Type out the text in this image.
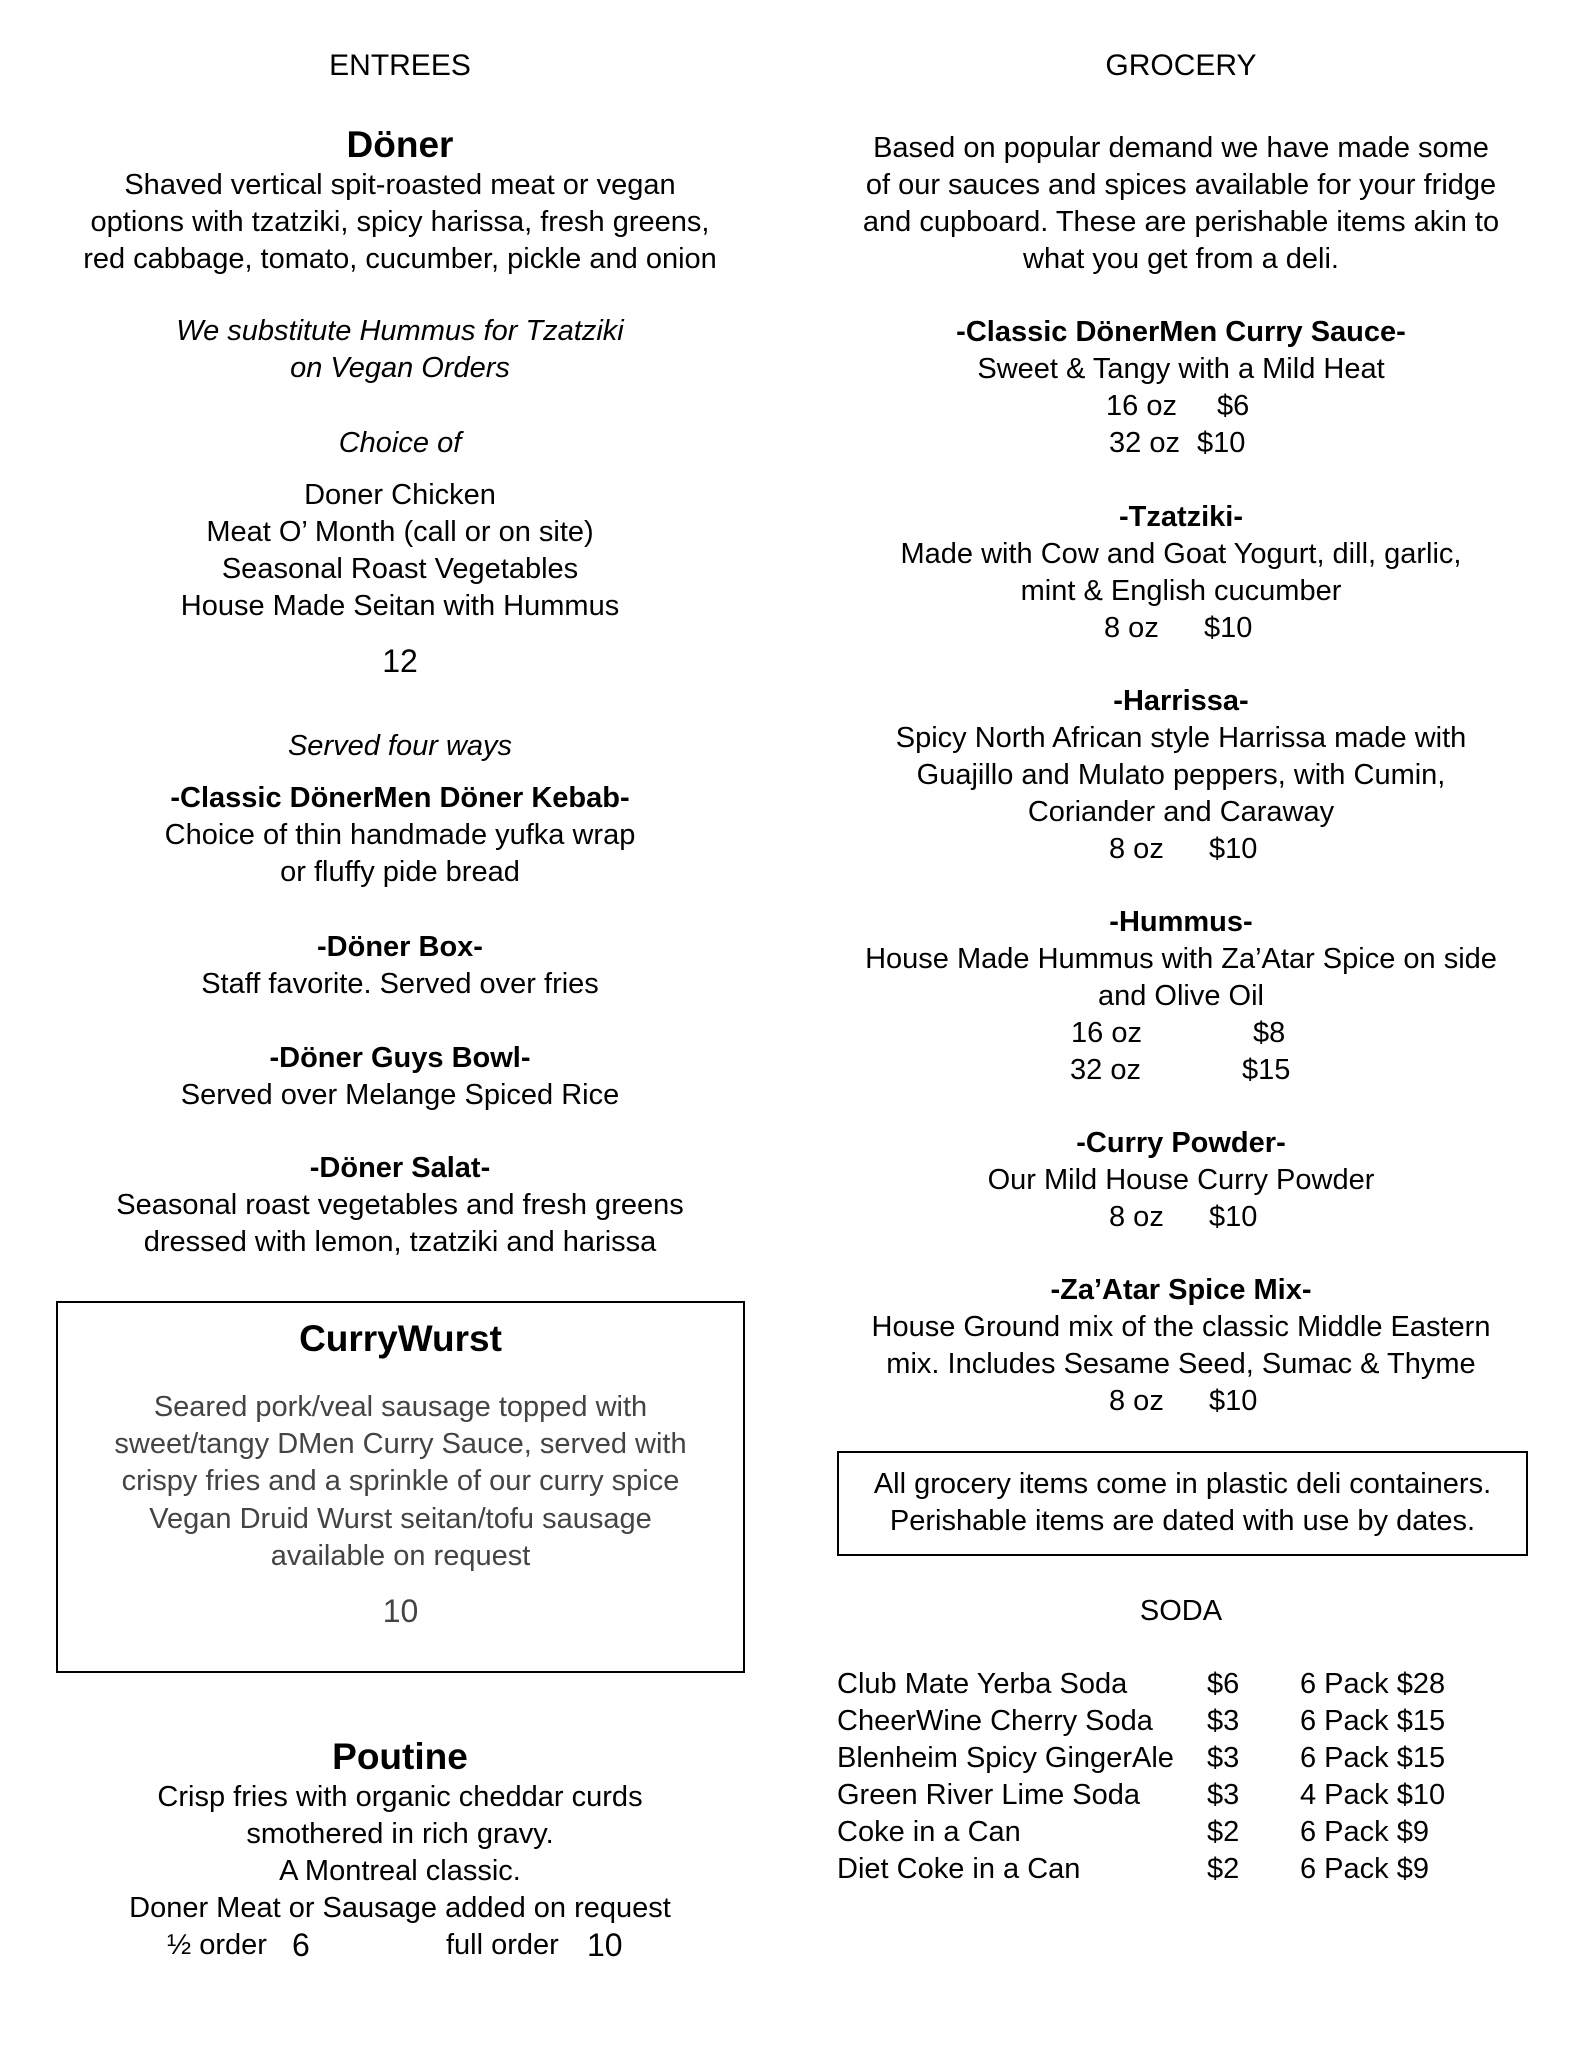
ENTREES
Döner
Shaved vertical spit-roasted meat or vegan
options with tzatziki, spicy harissa, fresh greens,
red cabbage, tomato, cucumber, pickle and onion
We substitute Hummus for Tzatziki
on Vegan Orders
Choice of
Doner Chicken
Meat O’ Month (call or on site)
Seasonal Roast Vegetables
House Made Seitan with Hummus
12
Served four ways
-Classic DönerMen Döner Kebab-
Choice of thin handmade yufka wrap
or fluffy pide bread
-Döner Box-
Staff favorite. Served over fries
-Döner Guys Bowl-
Served over Melange Spiced Rice
-Döner Salat-
Seasonal roast vegetables and fresh greens
dressed with lemon, tzatziki and harissa
Poutine
Crisp fries with organic cheddar curds
smothered in rich gravy.
A Montreal classic.
Doner Meat or Sausage added on request
½ order 6	full order 10
CurryWurst
Seared pork/veal sausage topped with
sweet/tangy DMen Curry Sauce, served with
crispy fries and a sprinkle of our curry spice
Vegan Druid Wurst seitan/tofu sausage
available on request
10
GROCERY
Based on popular demand we have made some
of our sauces and spices available for your fridge
and cupboard. These are perishable items akin to
what you get from a deli.
-Classic DönerMen Curry Sauce-
Sweet & Tangy with a Mild Heat
16 oz $6
32 oz $10
-Tzatziki-
Made with Cow and Goat Yogurt, dill, garlic,
mint & English cucumber
8 oz $10
-Harrissa-
Spicy North African style Harrissa made with
Guajillo and Mulato peppers, with Cumin,
Coriander and Caraway
8 oz $10
-Hummus-
House Made Hummus with Za’Atar Spice on side
and Olive Oil
16 oz	$8
32 oz	$15
-Curry Powder-
Our Mild House Curry Powder
8 oz $10
-Za’Atar Spice Mix-
House Ground mix of the classic Middle Eastern
mix. Includes Sesame Seed, Sumac & Thyme
8 oz $10
SODA
All grocery items come in plastic deli containers.
Perishable items are dated with use by dates.
Club Mate Yerba Soda	$6 6 Pack $28
CheerWine Cherry Soda $3 6 Pack $15
Blenheim Spicy GingerAle $3 6 Pack $15
Green River Lime Soda $3 4 Pack $10
Coke in a Can	$2 6 Pack $9
Diet Coke in a Can	$2 6 Pack $9
